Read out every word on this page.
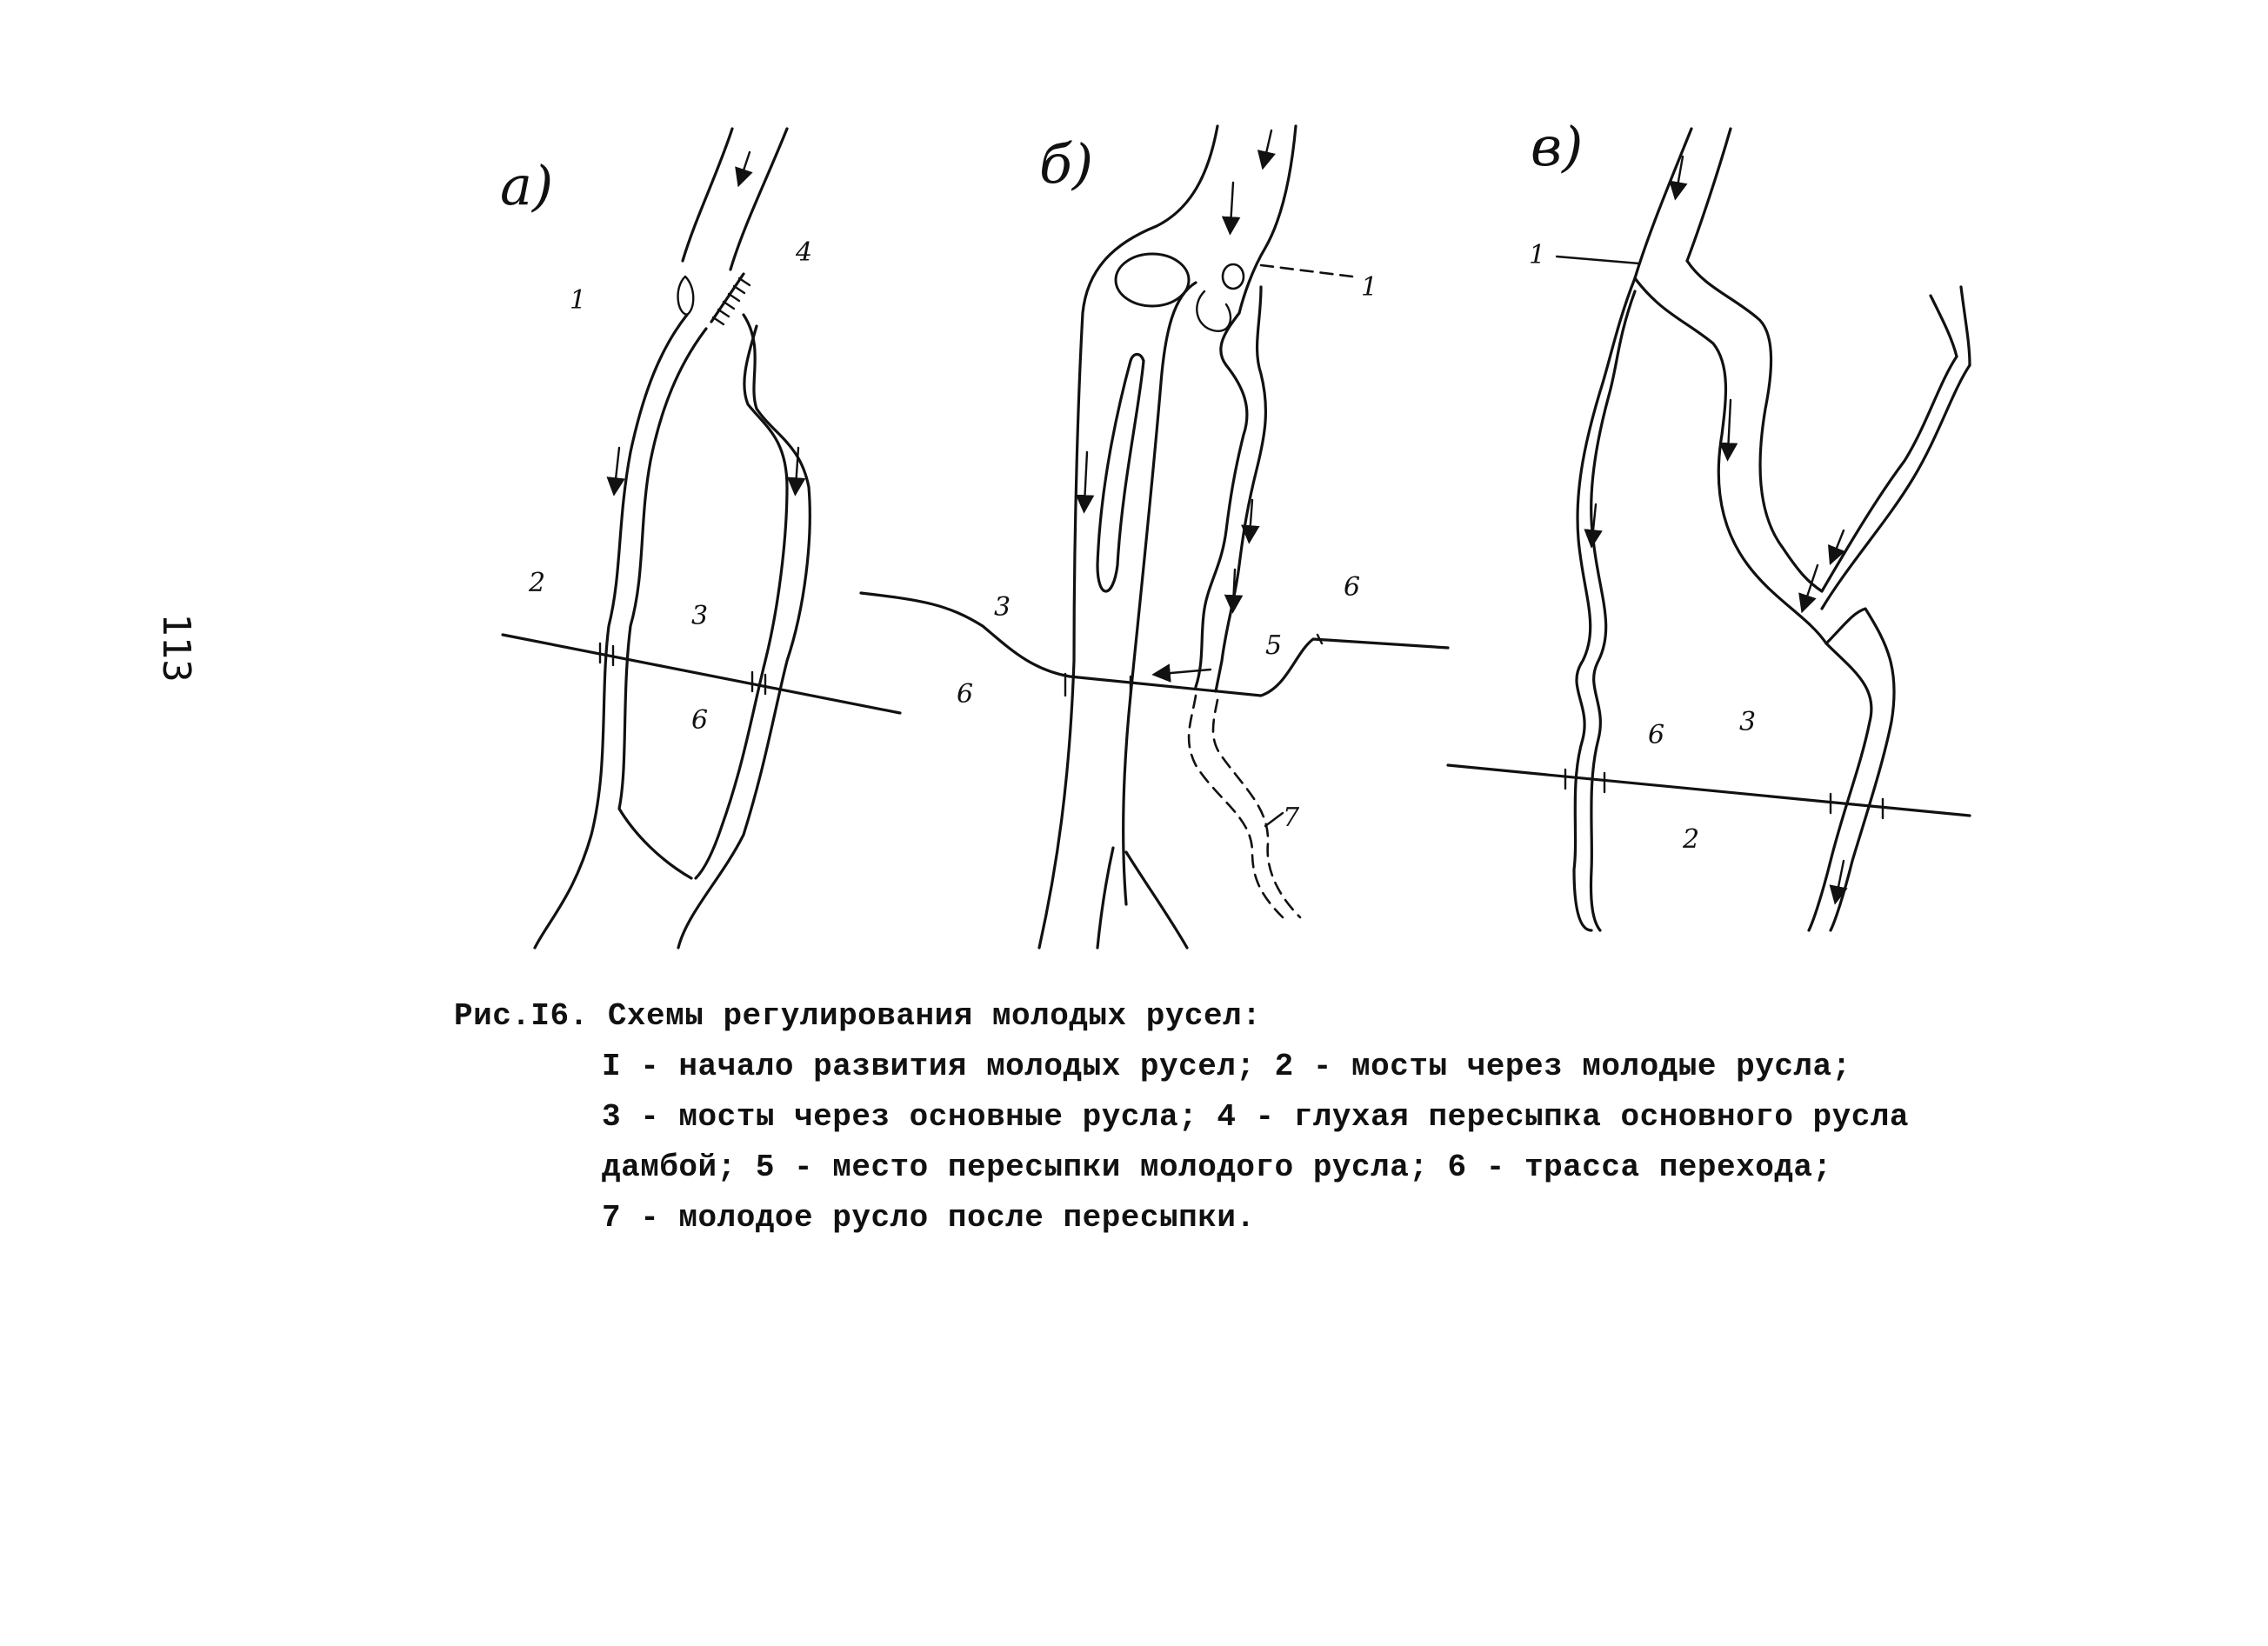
113
а)
1
4
2
3
6
б)
1
3
6
5
6
7
в)
1
6	3
2
Рис.I6. Схемы регулирования молодых русел:
I - начало развития молодых русел; 2 - мосты через молодые русла;
3 - мосты через основные русла; 4 - глухая пересыпка основного русла
дамбой; 5 - место пересыпки молодого русла; 6 - трасса перехода;
7 - молодое русло после пересыпки.
